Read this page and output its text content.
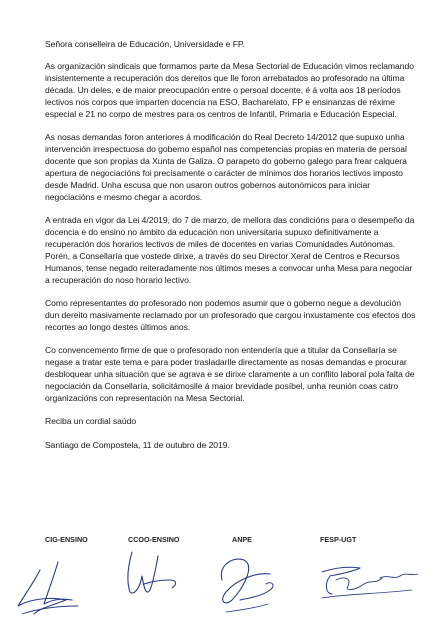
Señora conselleira de Educación, Universidade e FP.

As organización sindicais que formamos parte da Mesa Sectorial de Educación vimos reclamando insistentemente a recuperación dos dereitos que lle foron arrebatados ao profesorado na última década. Un deles, e de maior preocupación entre o persoal docente, é á volta aos 18 períodos lectivos nos corpos que imparten docencia na ESO, Bacharelato, FP e ensinanzas de réxime especial e 21 no corpo de mestres para os centros de Infantil, Primaria e Educación Especial.

As nosas demandas foron anteriores á modificación do Real Decreto 14/2012 que supuxo unha intervención irrespectuosa do goberno español nas competencias propias en materia de persoal docente que son propias da Xunta de Galiza. O parapeto do goberno galego para frear calquera apertura de negociacións foi precisamente o carácter de mínimos dos horarios lectivos imposto desde Madrid. Unha escusa que non usaron outros gobernos autonómicos para iniciar negociacións e mesmo chegar a acordos.

A entrada en vigor da Lei 4/2019, do 7 de marzo, de mellora das condicións para o desempeño da docencia e do ensino no ámbito da educación non universitaria supuxo definitivamente a recuperación dos horarios lectivos de miles de docentes en varias Comunidades Autónomas. Porén, a Consellaría que vostede dirixe, a través do seu Director Xeral de Centros e Recursos Humanos, tense negado reiteradamente nos últimos meses a convocar unha Mesa para negociar a recuperación do noso horario lectivo.

Como representantes do profesorado non podemos asumir que o goberno negue a devolución dun dereito masivamente reclamado por un profesorado que cargou inxustamente cos efectos dos recortes ao longo destes últimos anos.

Co convencemento firme de que o profesorado non entendería que a titular da Consellaría se negase a tratar este tema e para poder trasladarlle directamente as nosas demandas e procurar desbloquear unha situación que se agrava e se dirixe claramente a un conflito laboral pola falta de negociación da Consellaría, solicitámoslle á maior brevidade posíbel, unha reunión coas catro organizacións con representación na Mesa Sectorial.

Reciba un cordial saúdo

Santiago de Compostela, 11 de outubro de 2019.

CIG-ENSINO	CCOO-ENSINO	ANPE	FESP-UGT
